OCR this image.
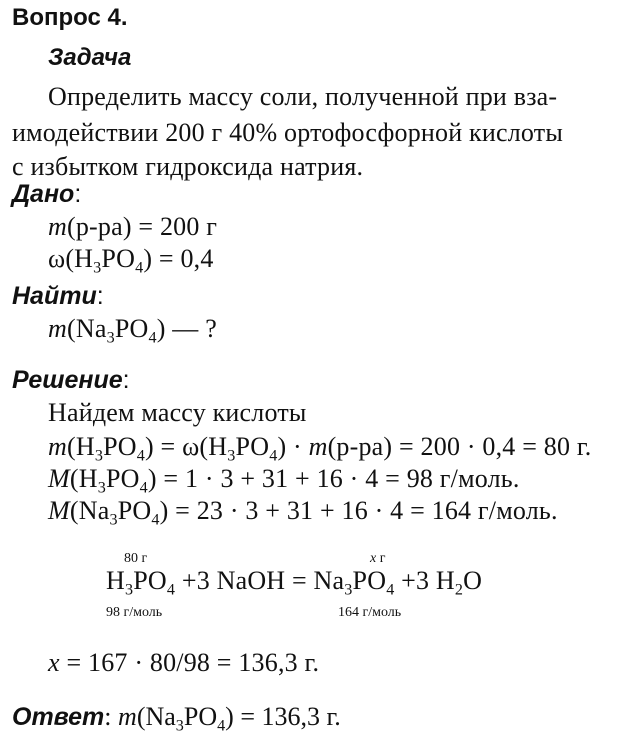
Вопрос 4.
Задача
Определить массу соли, полученной при вза-
имодействии 200 г 40% ортофосфорной кислоты
с избытком гидроксида натрия.
Дано:
m(р-ра) = 200 г
$\omega(H_3PO_4) = 0,4$
Найти:
$m(Na_3PO_4)$ — ?
Решение:
Найдем массу кислоты
$m(H_3PO_4) = \omega(H_3PO_4) \cdot m(р-ра) = 200 \cdot 0,4 = 80$ г.
$M(H_3PO_4) = 1 \cdot 3 + 31 + 16 \cdot 4 = 98$ г/моль.
$M(Na_3PO_4) = 23 \cdot 3 + 31 + 16 \cdot 4 = 164$ г/моль.
80 г	x г
$H_3PO_4 +3$ NaOH = $Na_3PO_4 +3$ $H_2O$
98 г/моль	164 г/моль
x = 167 · 80/98 = 136,3 г.
Ответ: $m(Na_3PO_4) = 136,3$ г.
